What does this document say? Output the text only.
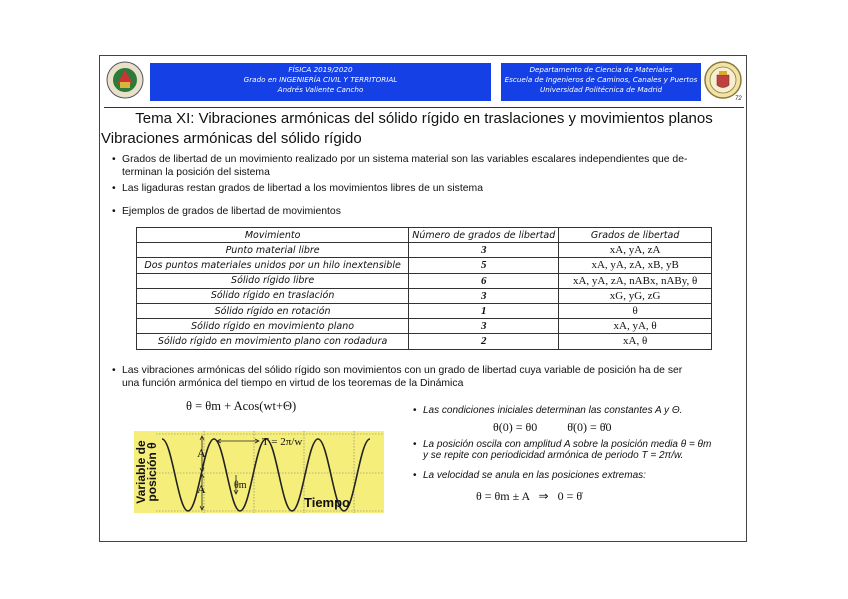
FÍSICA 2019/2020
Grado en INGENIERÍA CIVIL Y TERRITORIAL
Andrés Valiente Cancho
Departamento de Ciencia de Materiales
Escuela de Ingenieros de Caminos, Canales y Puertos
Universidad Politécnica de Madrid
72
Tema XI: Vibraciones armónicas del sólido rígido en traslaciones y movimientos planos
Vibraciones armónicas del sólido rígido
• Grados de libertad de un movimiento realizado por un sistema material son las variables escalares independientes que de-
terminan la posición del sistema
• Las ligaduras restan grados de libertad a los movimientos libres de un sistema
• Ejemplos de grados de libertad de movimientos
Movimiento	Número de grados de libertad	Grados de libertad
Punto material libre	3	xA, yA, zA
Dos puntos materiales unidos por un hilo inextensible	5	xA, yA, zA, xB, yB
Sólido rígido libre	6	xA, yA, zA, nABx, nABy, θ
Sólido rígido en traslación	3	xG, yG, zG
Sólido rígido en rotación	1	θ
Sólido rígido en movimiento plano	3	xA, yA, θ
Sólido rígido en movimiento plano con rodadura	2	xA, θ
• Las vibraciones armónicas del sólido rígido son movimientos con un grado de libertad cuya variable de posición ha de ser
una función armónica del tiempo en virtud de los teoremas de la Dinámica
θ = θm + Acos(wt+Θ)
Variable de
posición θ	A
A	θm
T = 2π/w
Tiempo
• Las condiciones iniciales determinan las constantes A y Θ.
θ(0) = θ0          θ̇(0) = θ̇0
• La posición oscila con amplitud A sobre la posición media θ = θm
y se repite con periodicidad armónica de periodo T = 2π/w.
• La velocidad se anula en las posiciones extremas:
θ = θm ± A   ⇒   0 = θ̇
